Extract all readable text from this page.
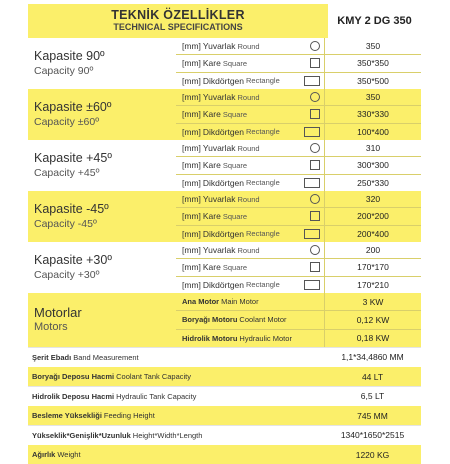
TEKNİK ÖZELLİKLER
TECHNICAL SPECIFICATIONS	KMY 2 DG 350
Kapasite 90º
Capacity 90º
[mm] Yuvarlak Round	350
[mm] Kare Square	350*350
[mm] Dikdörtgen Rectangle	350*500
Kapasite ±60º
Capacity ±60º
[mm] Yuvarlak Round	350
[mm] Kare Square	330*330
[mm] Dikdörtgen Rectangle	100*400
Kapasite +45º
Capacity +45º
[mm] Yuvarlak Round	310
[mm] Kare Square	300*300
[mm] Dikdörtgen Rectangle	250*330
Kapasite -45º
Capacity -45º
[mm] Yuvarlak Round	320
[mm] Kare Square	200*200
[mm] Dikdörtgen Rectangle	200*400
Kapasite +30º
Capacity +30º
[mm] Yuvarlak Round	200
[mm] Kare Square	170*170
[mm] Dikdörtgen Rectangle	170*210
Motorlar
Motors
Ana Motor Main Motor	3 KW
Boryağı Motoru Coolant Motor	0,12 KW
Hidrolik Motoru Hydraulic Motor	0,18 KW
Şerit Ebadı Band Measurement	1,1*34,4860 MM
Boryağı Deposu Hacmi Coolant Tank Capacity	44 LT
Hidrolik Deposu Hacmi Hydraulic Tank Capacity	6,5 LT
Besleme Yüksekliği Feeding Height	745 MM
Yükseklik*Genişlik*Uzunluk Height*Width*Length	1340*1650*2515
Ağırlık Weight	1220 KG
